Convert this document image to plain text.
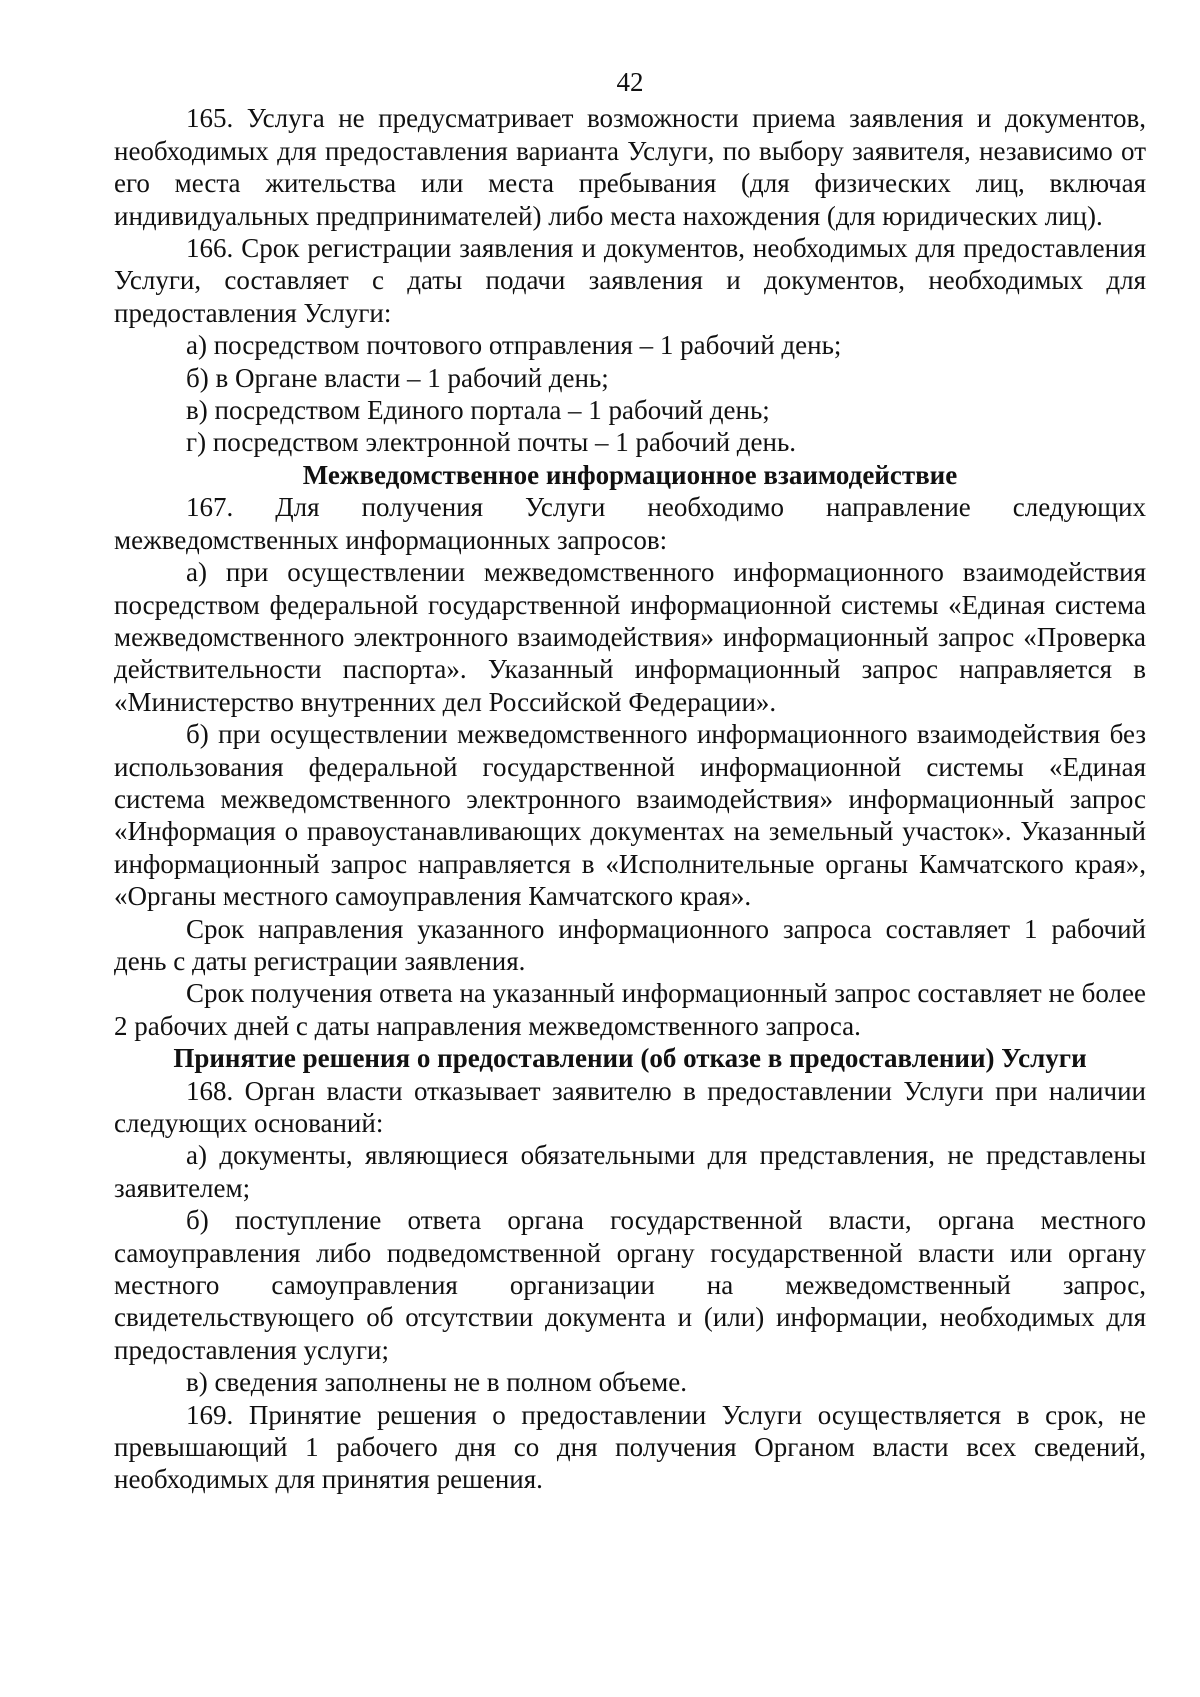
42

165. Услуга не предусматривает возможности приема заявления и документов, необходимых для предоставления варианта Услуги, по выбору заявителя, независимо от его места жительства или места пребывания (для физических лиц, включая индивидуальных предпринимателей) либо места нахождения (для юридических лиц).

166. Срок регистрации заявления и документов, необходимых для предоставления Услуги, составляет с даты подачи заявления и документов, необходимых для предоставления Услуги:

а) посредством почтового отправления – 1 рабочий день;

б) в Органе власти – 1 рабочий день;

в) посредством Единого портала – 1 рабочий день;

г) посредством электронной почты – 1 рабочий день.

Межведомственное информационное взаимодействие

167. Для получения Услуги необходимо направление следующих межведомственных информационных запросов:

а) при осуществлении межведомственного информационного взаимодействия посредством федеральной государственной информационной системы «Единая система межведомственного электронного взаимодействия» информационный запрос «Проверка действительности паспорта». Указанный информационный запрос направляется в «Министерство внутренних дел Российской Федерации».

б) при осуществлении межведомственного информационного взаимодействия без использования федеральной государственной информационной системы «Единая система межведомственного электронного взаимодействия» информационный запрос «Информация о правоустанавливающих документах на земельный участок». Указанный информационный запрос направляется в «Исполнительные органы Камчатского края», «Органы местного самоуправления Камчатского края».

Срок направления указанного информационного запроса составляет 1 рабочий день с даты регистрации заявления.

Срок получения ответа на указанный информационный запрос составляет не более 2 рабочих дней с даты направления межведомственного запроса.

Принятие решения о предоставлении (об отказе в предоставлении) Услуги

168. Орган власти отказывает заявителю в предоставлении Услуги при наличии следующих оснований:

а) документы, являющиеся обязательными для представления, не представлены заявителем;

б) поступление ответа органа государственной власти, органа местного самоуправления либо подведомственной органу государственной власти или органу местного самоуправления организации на межведомственный запрос, свидетельствующего об отсутствии документа и (или) информации, необходимых для предоставления услуги;

в) сведения заполнены не в полном объеме.

169. Принятие решения о предоставлении Услуги осуществляется в срок, не превышающий 1 рабочего дня со дня получения Органом власти всех сведений, необходимых для принятия решения.
